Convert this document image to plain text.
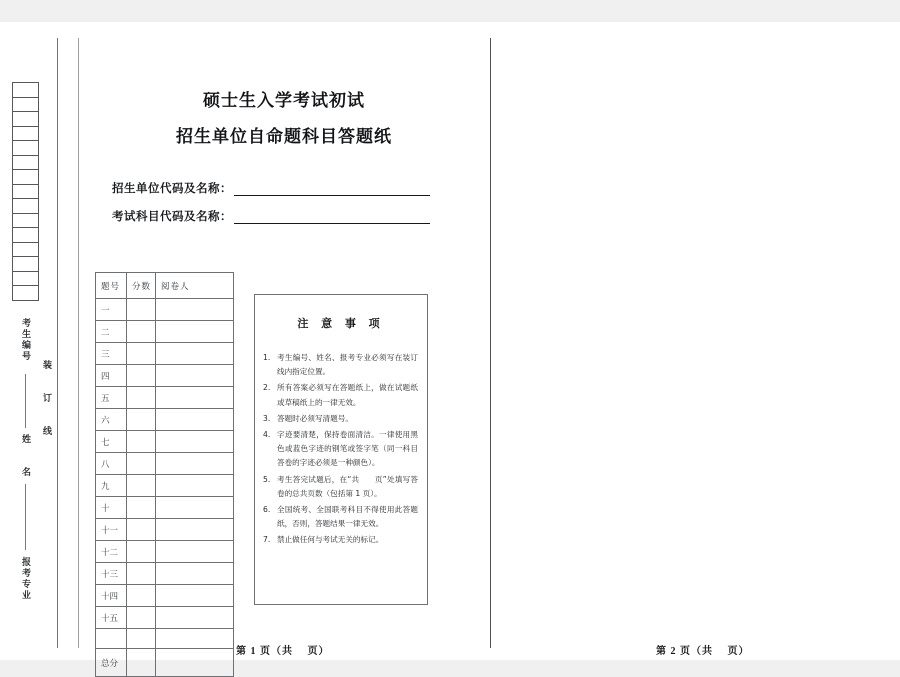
考生编号
姓 名
报考专业
装 订 线
硕士生入学考试初试
招生单位自命题科目答题纸
招生单位代码及名称：
考试科目代码及名称：
题号	分数	阅卷人
一		
二		
三		
四		
五		
六		
七		
八		
九		
十		
十一		
十二		
十三		
十四		
十五		

总分		
注 意 事 项
1. 考生编号、姓名、报考专业必须写在装订线内指定位置。
2. 所有答案必须写在答题纸上，做在试题纸或草稿纸上的一律无效。
3. 答题时必须写清题号。
4. 字迹要清楚，保持卷面清洁。一律使用黑色或蓝色字迹的钢笔或签字笔（同一科目答卷的字迹必须是一种颜色）。
5. 考生答完试题后，在“共　　页”处填写答卷的总共页数（包括第 1 页）。
6. 全国统考、全国联考科目不得使用此答题纸，否则，答题结果一律无效。
7. 禁止做任何与考试无关的标记。
第 1 页（共　 页）	第 2 页（共　 页）
